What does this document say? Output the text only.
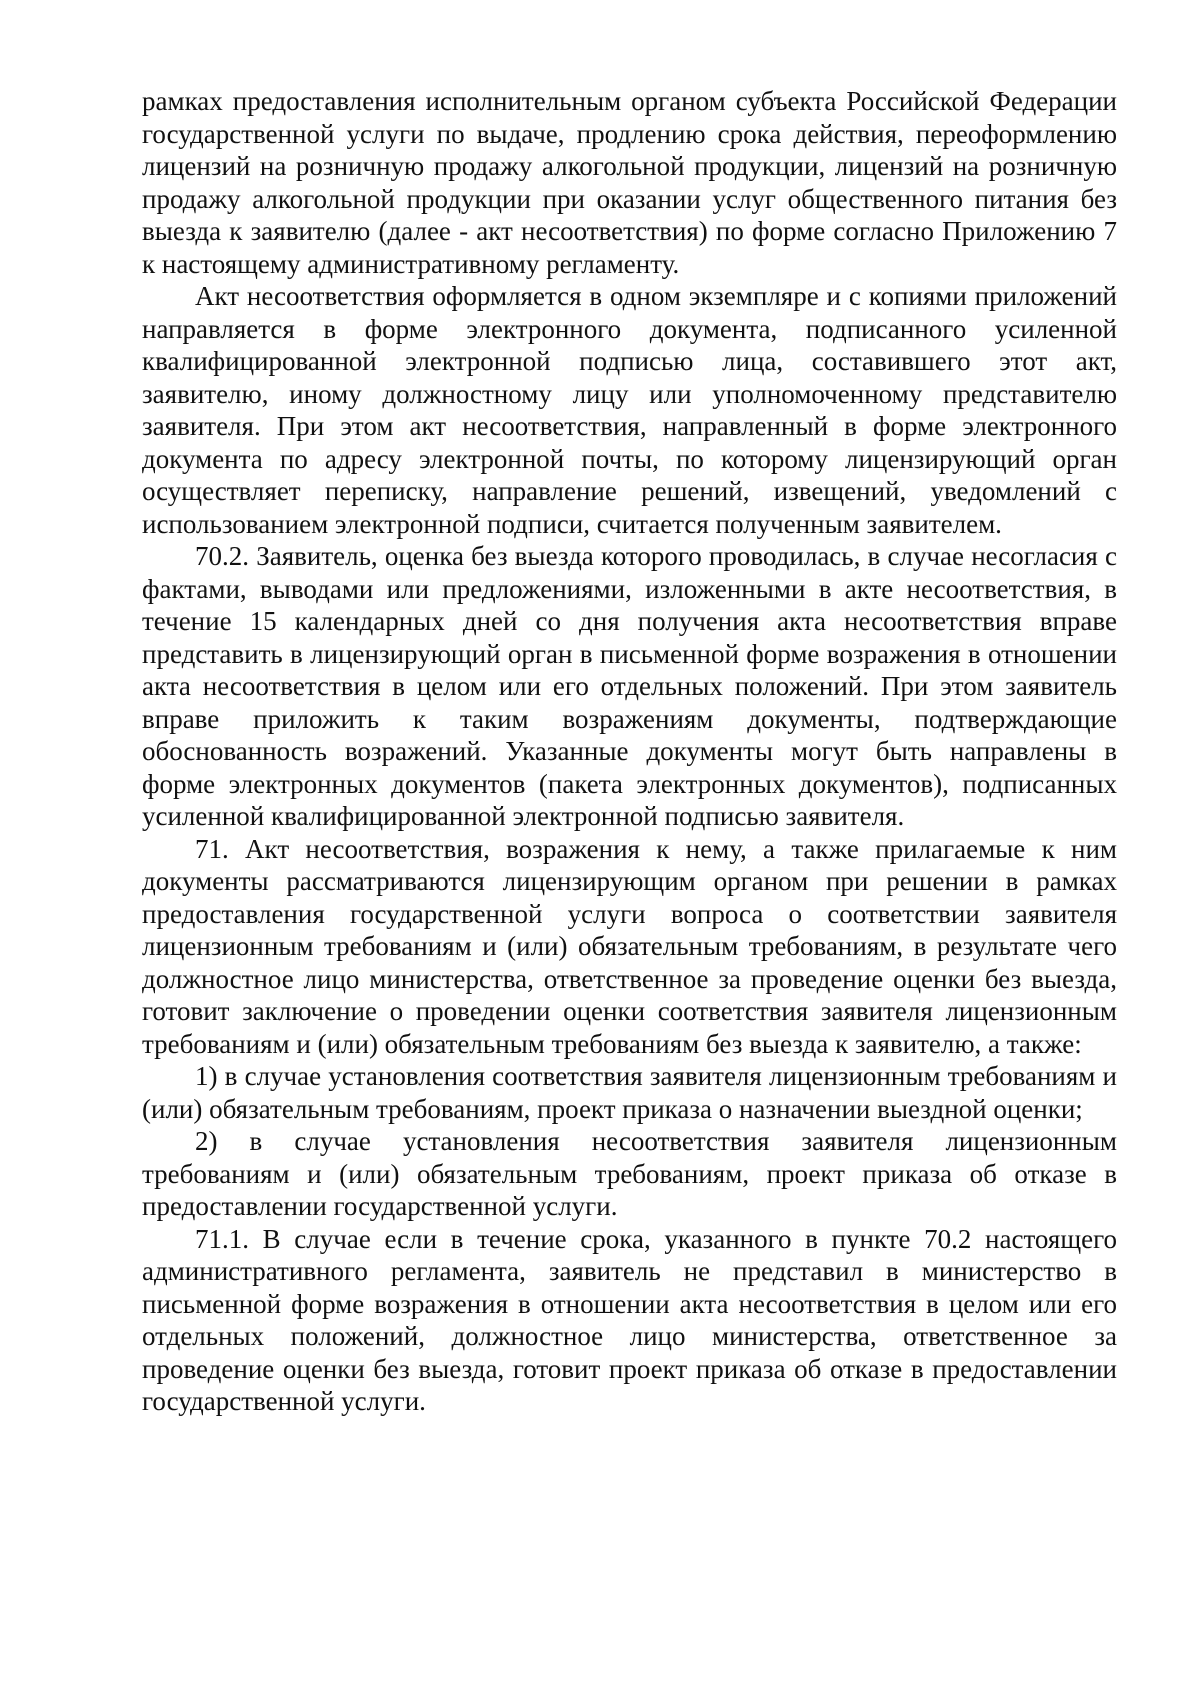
рамках предоставления исполнительным органом субъекта Российской Федерации государственной услуги по выдаче, продлению срока действия, переоформлению лицензий на розничную продажу алкогольной продукции, лицензий на розничную продажу алкогольной продукции при оказании услуг общественного питания без выезда к заявителю (далее - акт несоответствия) по форме согласно Приложению 7 к настоящему административному регламенту.

Акт несоответствия оформляется в одном экземпляре и с копиями приложений направляется в форме электронного документа, подписанного усиленной квалифицированной электронной подписью лица, составившего этот акт, заявителю, иному должностному лицу или уполномоченному представителю заявителя. При этом акт несоответствия, направленный в форме электронного документа по адресу электронной почты, по которому лицензирующий орган осуществляет переписку, направление решений, извещений, уведомлений с использованием электронной подписи, считается полученным заявителем.

70.2. Заявитель, оценка без выезда которого проводилась, в случае несогласия с фактами, выводами или предложениями, изложенными в акте несоответствия, в течение 15 календарных дней со дня получения акта несоответствия вправе представить в лицензирующий орган в письменной форме возражения в отношении акта несоответствия в целом или его отдельных положений. При этом заявитель вправе приложить к таким возражениям документы, подтверждающие обоснованность возражений. Указанные документы могут быть направлены в форме электронных документов (пакета электронных документов), подписанных усиленной квалифицированной электронной подписью заявителя.

71. Акт несоответствия, возражения к нему, а также прилагаемые к ним документы рассматриваются лицензирующим органом при решении в рамках предоставления государственной услуги вопроса о соответствии заявителя лицензионным требованиям и (или) обязательным требованиям, в результате чего должностное лицо министерства, ответственное за проведение оценки без выезда, готовит заключение о проведении оценки соответствия заявителя лицензионным требованиям и (или) обязательным требованиям без выезда к заявителю, а также:

1) в случае установления соответствия заявителя лицензионным требованиям и (или) обязательным требованиям, проект приказа о назначении выездной оценки;

2) в случае установления несоответствия заявителя лицензионным требованиям и (или) обязательным требованиям, проект приказа об отказе в предоставлении государственной услуги.

71.1. В случае если в течение срока, указанного в пункте 70.2 настоящего административного регламента, заявитель не представил в министерство в письменной форме возражения в отношении акта несоответствия в целом или его отдельных положений, должностное лицо министерства, ответственное за проведение оценки без выезда, готовит проект приказа об отказе в предоставлении государственной услуги.
